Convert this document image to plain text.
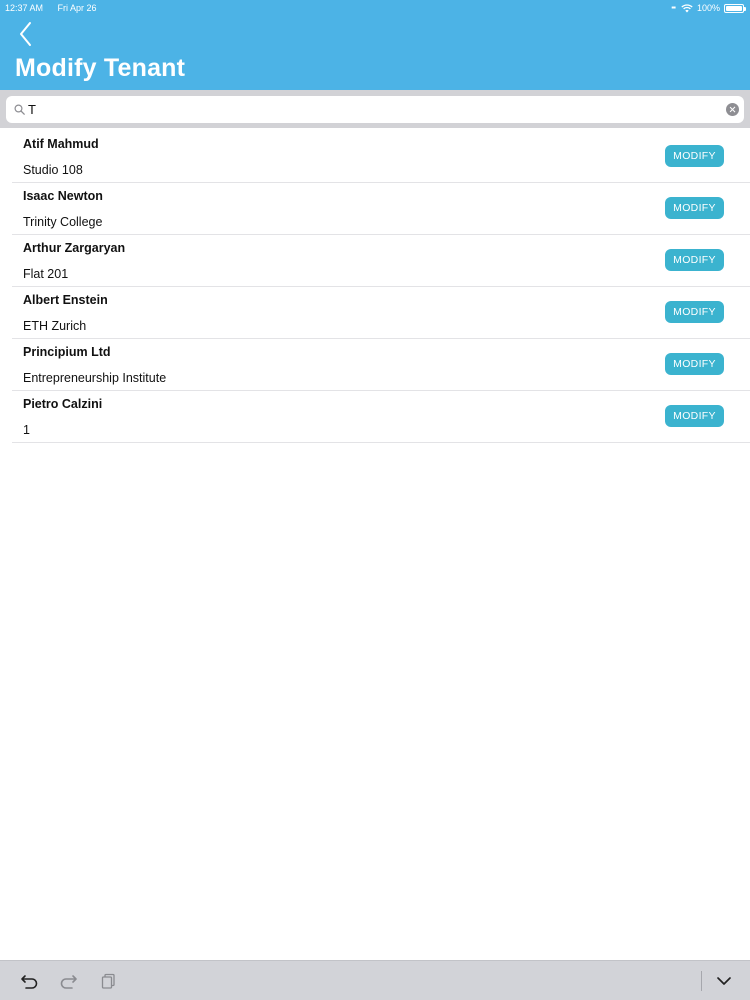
12:37 AM Fri Apr 26	▪▪ 100%
Modify Tenant
T
Atif Mahmud
Studio 108
MODIFY
Isaac Newton
Trinity College
MODIFY
Arthur Zargaryan
Flat 201
MODIFY
Albert Enstein
ETH Zurich
MODIFY
Principium Ltd
Entrepreneurship Institute
MODIFY
Pietro Calzini
1
MODIFY
